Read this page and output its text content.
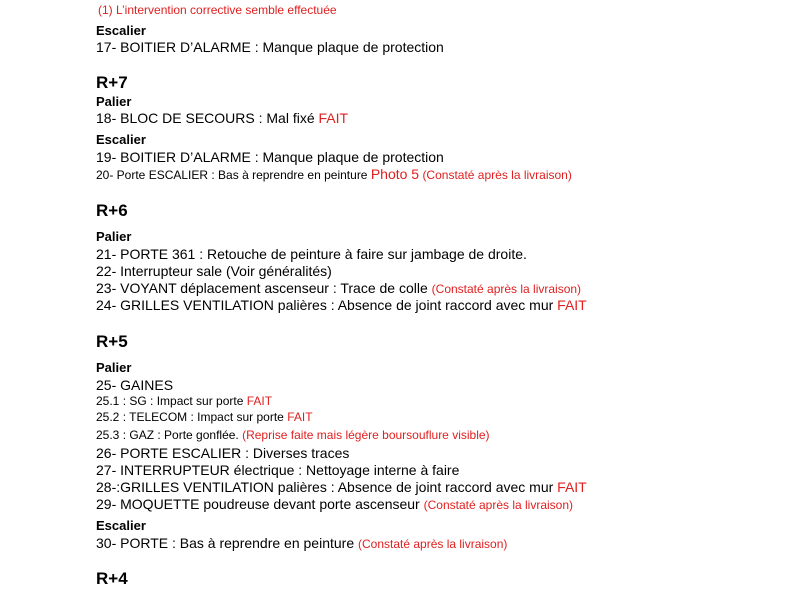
(1) L’intervention corrective semble effectuée
Escalier
17- BOITIER D’ALARME : Manque plaque de protection
R+7
Palier
18- BLOC DE SECOURS : Mal fixé FAIT
Escalier
19- BOITIER D’ALARME : Manque plaque de protection
20- Porte ESCALIER : Bas à reprendre en peinture Photo 5 (Constaté après la livraison)
R+6
Palier
21- PORTE 361 : Retouche de peinture à faire sur jambage de droite.
22- Interrupteur sale (Voir généralités)
23- VOYANT déplacement ascenseur : Trace de colle (Constaté après la livraison)
24- GRILLES VENTILATION palières : Absence de joint raccord avec mur FAIT
R+5
Palier
25- GAINES
25.1 : SG : Impact sur porte FAIT
25.2 : TELECOM : Impact sur porte FAIT
25.3 : GAZ : Porte gonflée. (Reprise faite mais légère boursouflure visible)
26- PORTE ESCALIER : Diverses traces
27- INTERRUPTEUR électrique : Nettoyage interne à faire
28-:GRILLES VENTILATION palières : Absence de joint raccord avec mur FAIT
29- MOQUETTE poudreuse devant porte ascenseur (Constaté après la livraison)
Escalier
30- PORTE : Bas à reprendre en peinture (Constaté après la livraison)
R+4
